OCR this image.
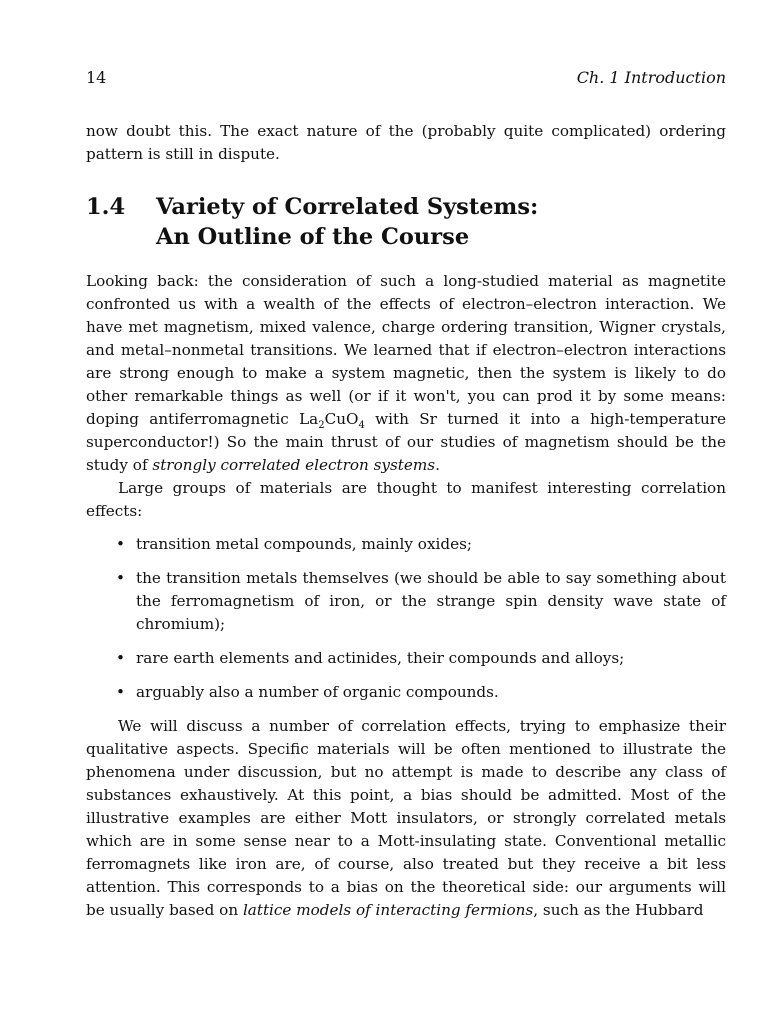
14	Ch. 1 Introduction

now doubt this. The exact nature of the (probably quite complicated) ordering pattern is still in dispute.

1.4	Variety of Correlated Systems:
An Outline of the Course

Looking back: the consideration of such a long-studied material as magnetite confronted us with a wealth of the effects of electron–electron interaction. We have met magnetism, mixed valence, charge ordering transition, Wigner crystals, and metal–nonmetal transitions. We learned that if electron–electron interactions are strong enough to make a system magnetic, then the system is likely to do other remarkable things as well (or if it won't, you can prod it by some means: doping antiferromagnetic $La_2CuO_4$ with Sr turned it into a high-temperature superconductor!) So the main thrust of our studies of magnetism should be the study of strongly correlated electron systems.

Large groups of materials are thought to manifest interesting correlation effects:

• transition metal compounds, mainly oxides;
• the transition metals themselves (we should be able to say something about the ferromagnetism of iron, or the strange spin density wave state of chromium);
• rare earth elements and actinides, their compounds and alloys;
• arguably also a number of organic compounds.

We will discuss a number of correlation effects, trying to emphasize their qualitative aspects. Specific materials will be often mentioned to illustrate the phenomena under discussion, but no attempt is made to describe any class of substances exhaustively. At this point, a bias should be admitted. Most of the illustrative examples are either Mott insulators, or strongly correlated metals which are in some sense near to a Mott-insulating state. Conventional metallic ferromagnets like iron are, of course, also treated but they receive a bit less attention. This corresponds to a bias on the theoretical side: our arguments will be usually based on lattice models of interacting fermions, such as the Hubbard
